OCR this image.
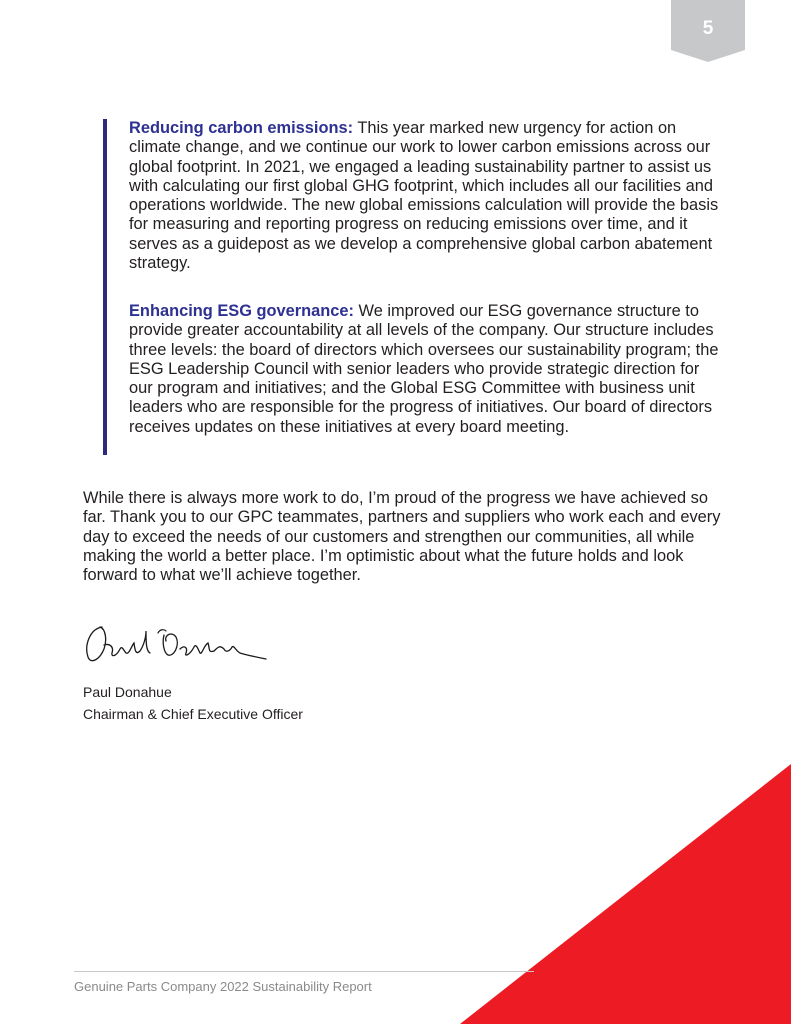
5

Reducing carbon emissions: This year marked new urgency for action on climate change, and we continue our work to lower carbon emissions across our global footprint. In 2021, we engaged a leading sustainability partner to assist us with calculating our first global GHG footprint, which includes all our facilities and operations worldwide. The new global emissions calculation will provide the basis for measuring and reporting progress on reducing emissions over time, and it serves as a guidepost as we develop a comprehensive global carbon abatement strategy.

Enhancing ESG governance: We improved our ESG governance structure to provide greater accountability at all levels of the company. Our structure includes three levels: the board of directors which oversees our sustainability program; the ESG Leadership Council with senior leaders who provide strategic direction for our program and initiatives; and the Global ESG Committee with business unit leaders who are responsible for the progress of initiatives. Our board of directors receives updates on these initiatives at every board meeting.

While there is always more work to do, I’m proud of the progress we have achieved so far. Thank you to our GPC teammates, partners and suppliers who work each and every day to exceed the needs of our customers and strengthen our communities, all while making the world a better place. I’m optimistic about what the future holds and look forward to what we’ll achieve together.

Paul Donahue
Chairman & Chief Executive Officer
Genuine Parts Company 2022 Sustainability Report
